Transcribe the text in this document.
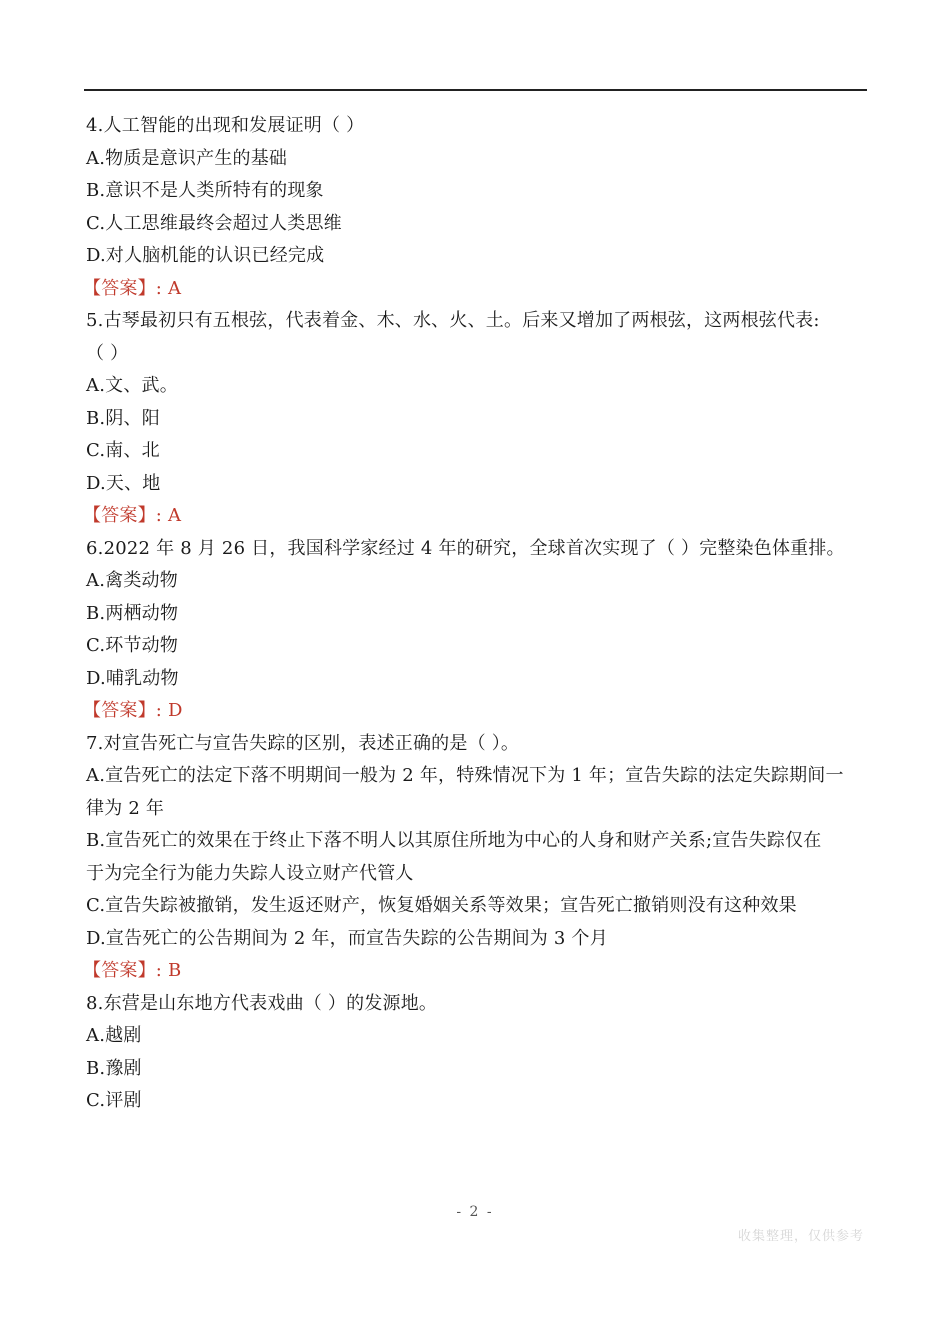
4.人工智能的出现和发展证明（ ）
A.物质是意识产生的基础
B.意识不是人类所特有的现象
C.人工思维最终会超过人类思维
D.对人脑机能的认识已经完成
【答案】: A
5.古琴最初只有五根弦，代表着金、木、水、火、土。后来又增加了两根弦，这两根弦代表:
（ ）
A.文、武。
B.阴、阳
C.南、北
D.天、地
【答案】: A
6.2022 年 8 月 26 日，我国科学家经过 4 年的研究，全球首次实现了（ ）完整染色体重排。
A.禽类动物
B.两栖动物
C.环节动物
D.哺乳动物
【答案】: D
7.对宣告死亡与宣告失踪的区别，表述正确的是（ ）。
A.宣告死亡的法定下落不明期间一般为 2 年，特殊情况下为 1 年；宣告失踪的法定失踪期间一
律为 2 年
B.宣告死亡的效果在于终止下落不明人以其原住所地为中心的人身和财产关系;宣告失踪仅在
于为完全行为能力失踪人设立财产代管人
C.宣告失踪被撤销，发生返还财产，恢复婚姻关系等效果；宣告死亡撤销则没有这种效果
D.宣告死亡的公告期间为 2 年，而宣告失踪的公告期间为 3 个月
【答案】: B
8.东营是山东地方代表戏曲（ ）的发源地。
A.越剧
B.豫剧
C.评剧
- 2 -
收集整理，仅供参考
